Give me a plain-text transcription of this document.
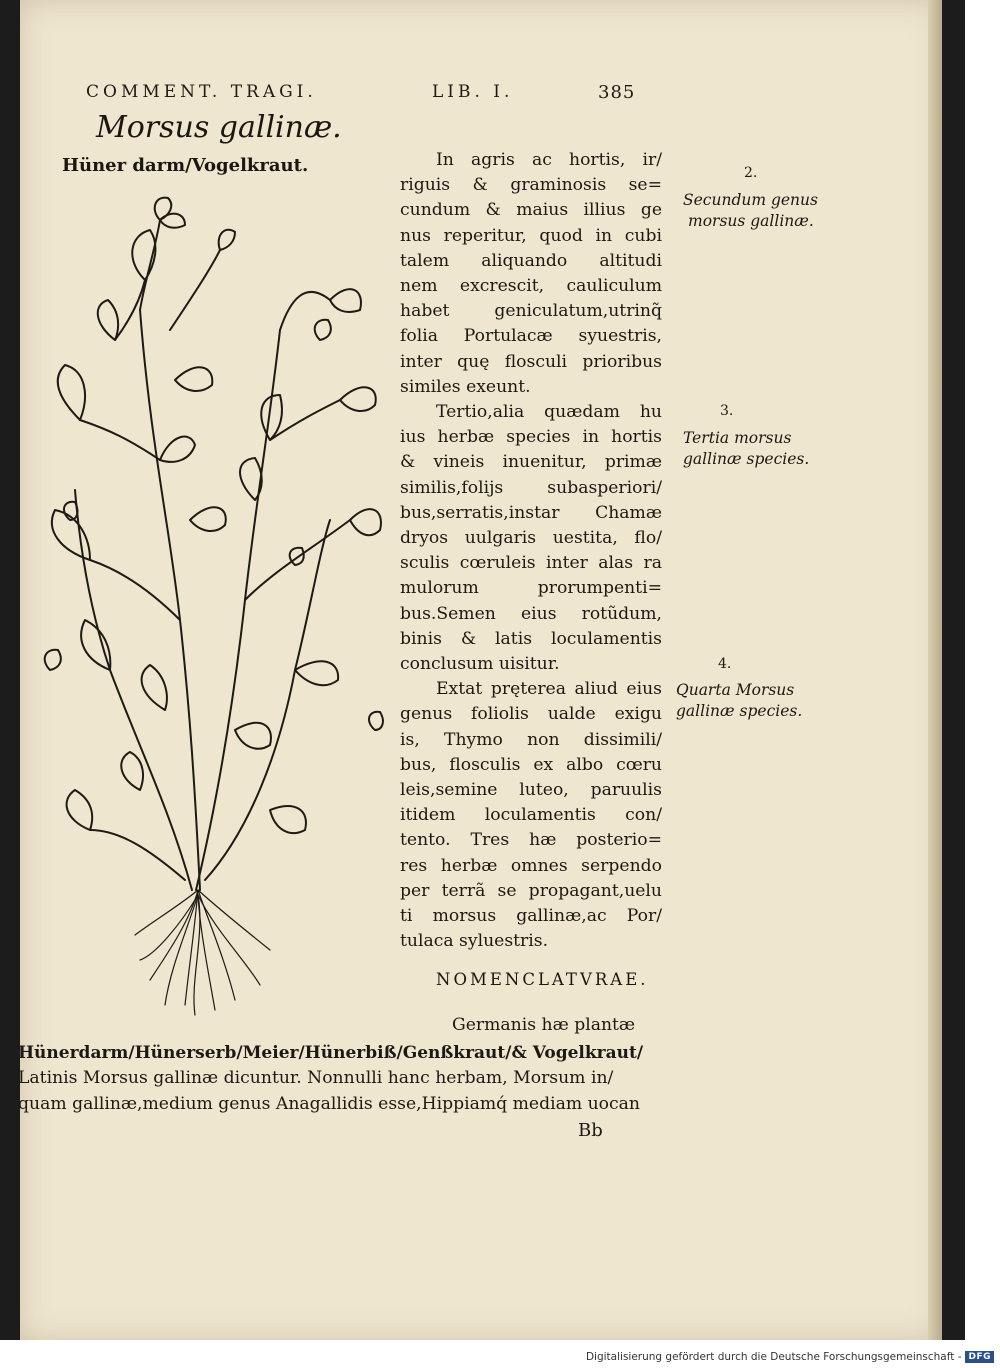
COMMENT. TRAGI.	LIB. I.	385
Morsus gallinæ.
Hüner darm/Vogelkraut.	In agris ac hortis, ir/
riguis & graminosis se=
cundum & maius illius ge
nus reperitur, quod in cubi
talem aliquando altitudi
nem excrescit, cauliculum
habet geniculatum,utrinq̃
folia Portulacæ syuestris,
inter quę flosculi prioribus
similes exeunt.
Tertio,alia quædam hu
ius herbæ species in hortis
& vineis inuenitur, primæ
similis,folijs subasperiori/
bus,serratis,instar Chamæ
dryos uulgaris uestita, flo/
sculis cœruleis inter alas ra
mulorum prorumpenti=
bus.Semen eius rotũdum,
binis & latis loculamentis
conclusum uisitur.
Extat pręterea aliud eius
genus foliolis ualde exigu
is, Thymo non dissimili/
bus, flosculis ex albo cœru
leis,semine luteo, paruulis
itidem loculamentis con/
tento. Tres hæ posterio=
res herbæ omnes serpendo
per terrã se propagant,uelu
ti morsus gallinæ,ac Por/
tulaca syluestris.
2.
Secundum genus
morsus gallinæ.
3.
Tertia morsus
gallinæ species.
4.
Quarta Morsus
gallinæ species.
NOMENCLATVRAE.
Germanis hæ plantæ
Hünerdarm/Hünerserb/Meier/Hünerbiß/Genßkraut/& Vogelkraut/
Latinis Morsus gallinæ dicuntur. Nonnulli hanc herbam, Morsum in/
quam gallinæ,medium genus Anagallidis esse,Hippiamq́ mediam uocan
Bb
Digitalisierung gefördert durch die Deutsche Forschungsgemeinschaft - DFG
